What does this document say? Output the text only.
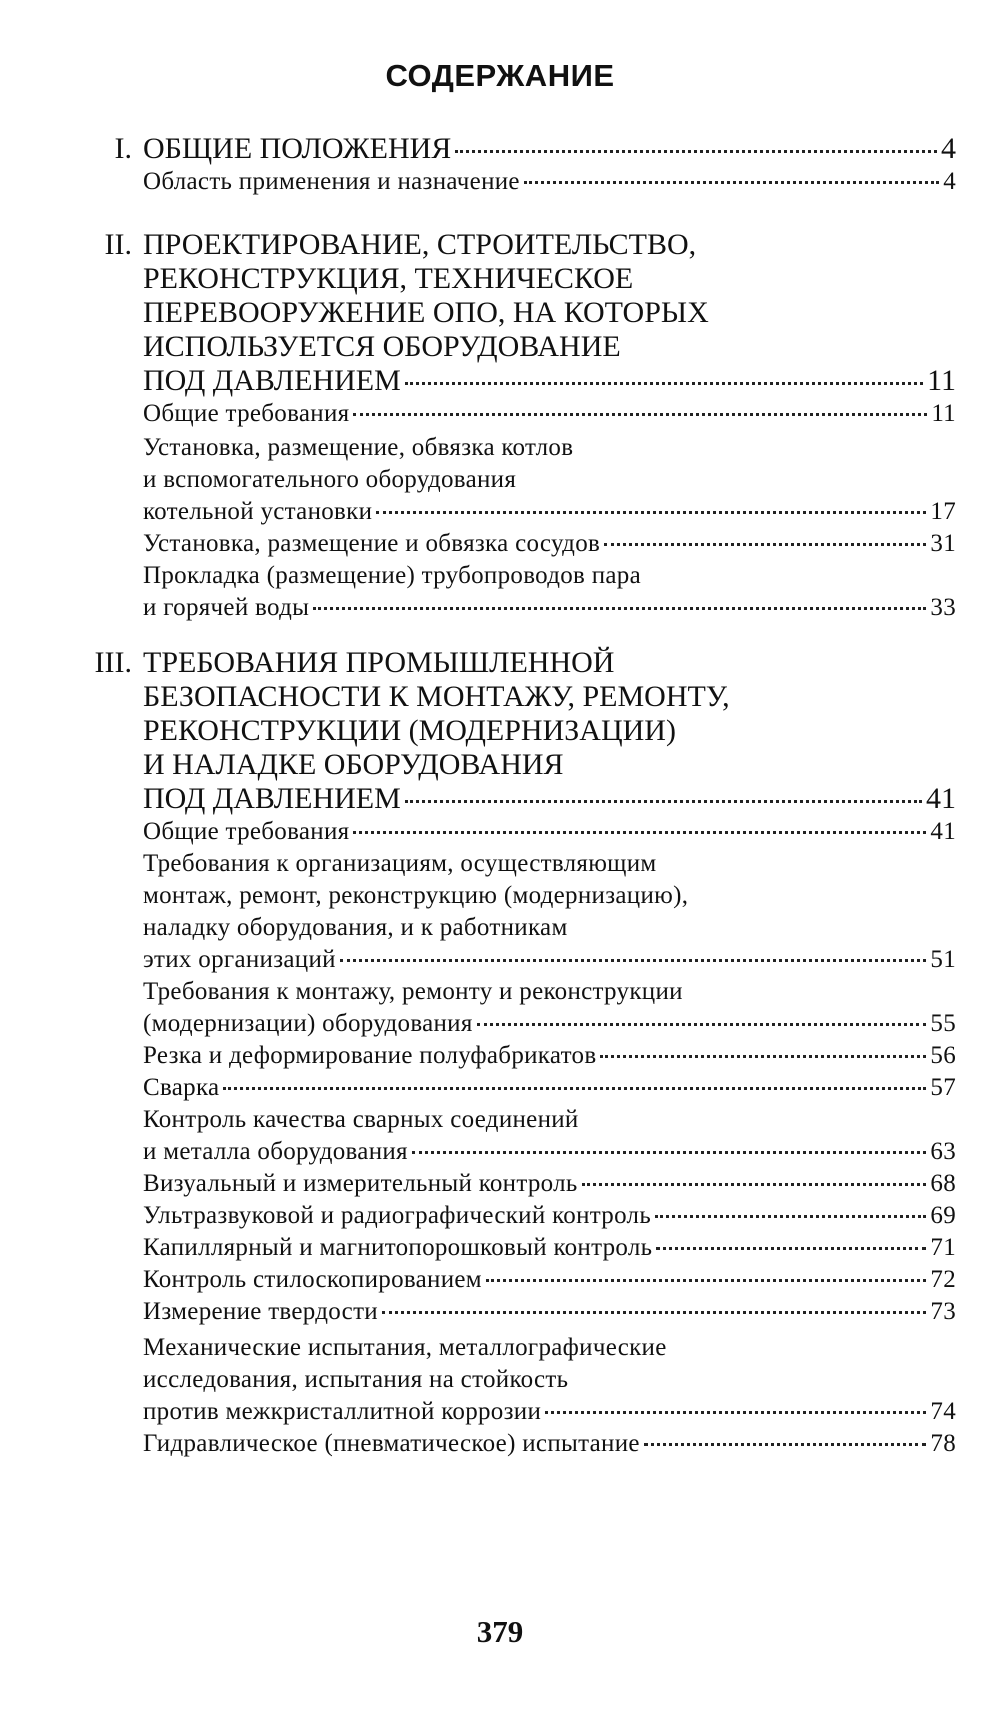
СОДЕРЖАНИЕ
I. ОБЩИЕ ПОЛОЖЕНИЯ	4
Область применения и назначение	4
II. ПРОЕКТИРОВАНИЕ, СТРОИТЕЛЬСТВО,
РЕКОНСТРУКЦИЯ, ТЕХНИЧЕСКОЕ
ПЕРЕВООРУЖЕНИЕ ОПО, НА КОТОРЫХ
ИСПОЛЬЗУЕТСЯ ОБОРУДОВАНИЕ
ПОД ДАВЛЕНИЕМ	11
Общие требования	11
Установка, размещение, обвязка котлов
и вспомогательного оборудования
котельной установки	17
Установка, размещение и обвязка сосудов	31
Прокладка (размещение) трубопроводов пара
и горячей воды	33
III. ТРЕБОВАНИЯ ПРОМЫШЛЕННОЙ
БЕЗОПАСНОСТИ К МОНТАЖУ, РЕМОНТУ,
РЕКОНСТРУКЦИИ (МОДЕРНИЗАЦИИ)
И НАЛАДКЕ ОБОРУДОВАНИЯ
ПОД ДАВЛЕНИЕМ	41
Общие требования	41
Требования к организациям, осуществляющим
монтаж, ремонт, реконструкцию (модернизацию),
наладку оборудования, и к работникам
этих организаций	51
Требования к монтажу, ремонту и реконструкции
(модернизации) оборудования	55
Резка и деформирование полуфабрикатов	56
Сварка	57
Контроль качества сварных соединений
и металла оборудования	63
Визуальный и измерительный контроль	68
Ультразвуковой и радиографический контроль	69
Капиллярный и магнитопорошковый контроль	71
Контроль стилоскопированием	72
Измерение твердости	73
Механические испытания, металлографические
исследования, испытания на стойкость
против межкристаллитной коррозии	74
Гидравлическое (пневматическое) испытание	78
379
